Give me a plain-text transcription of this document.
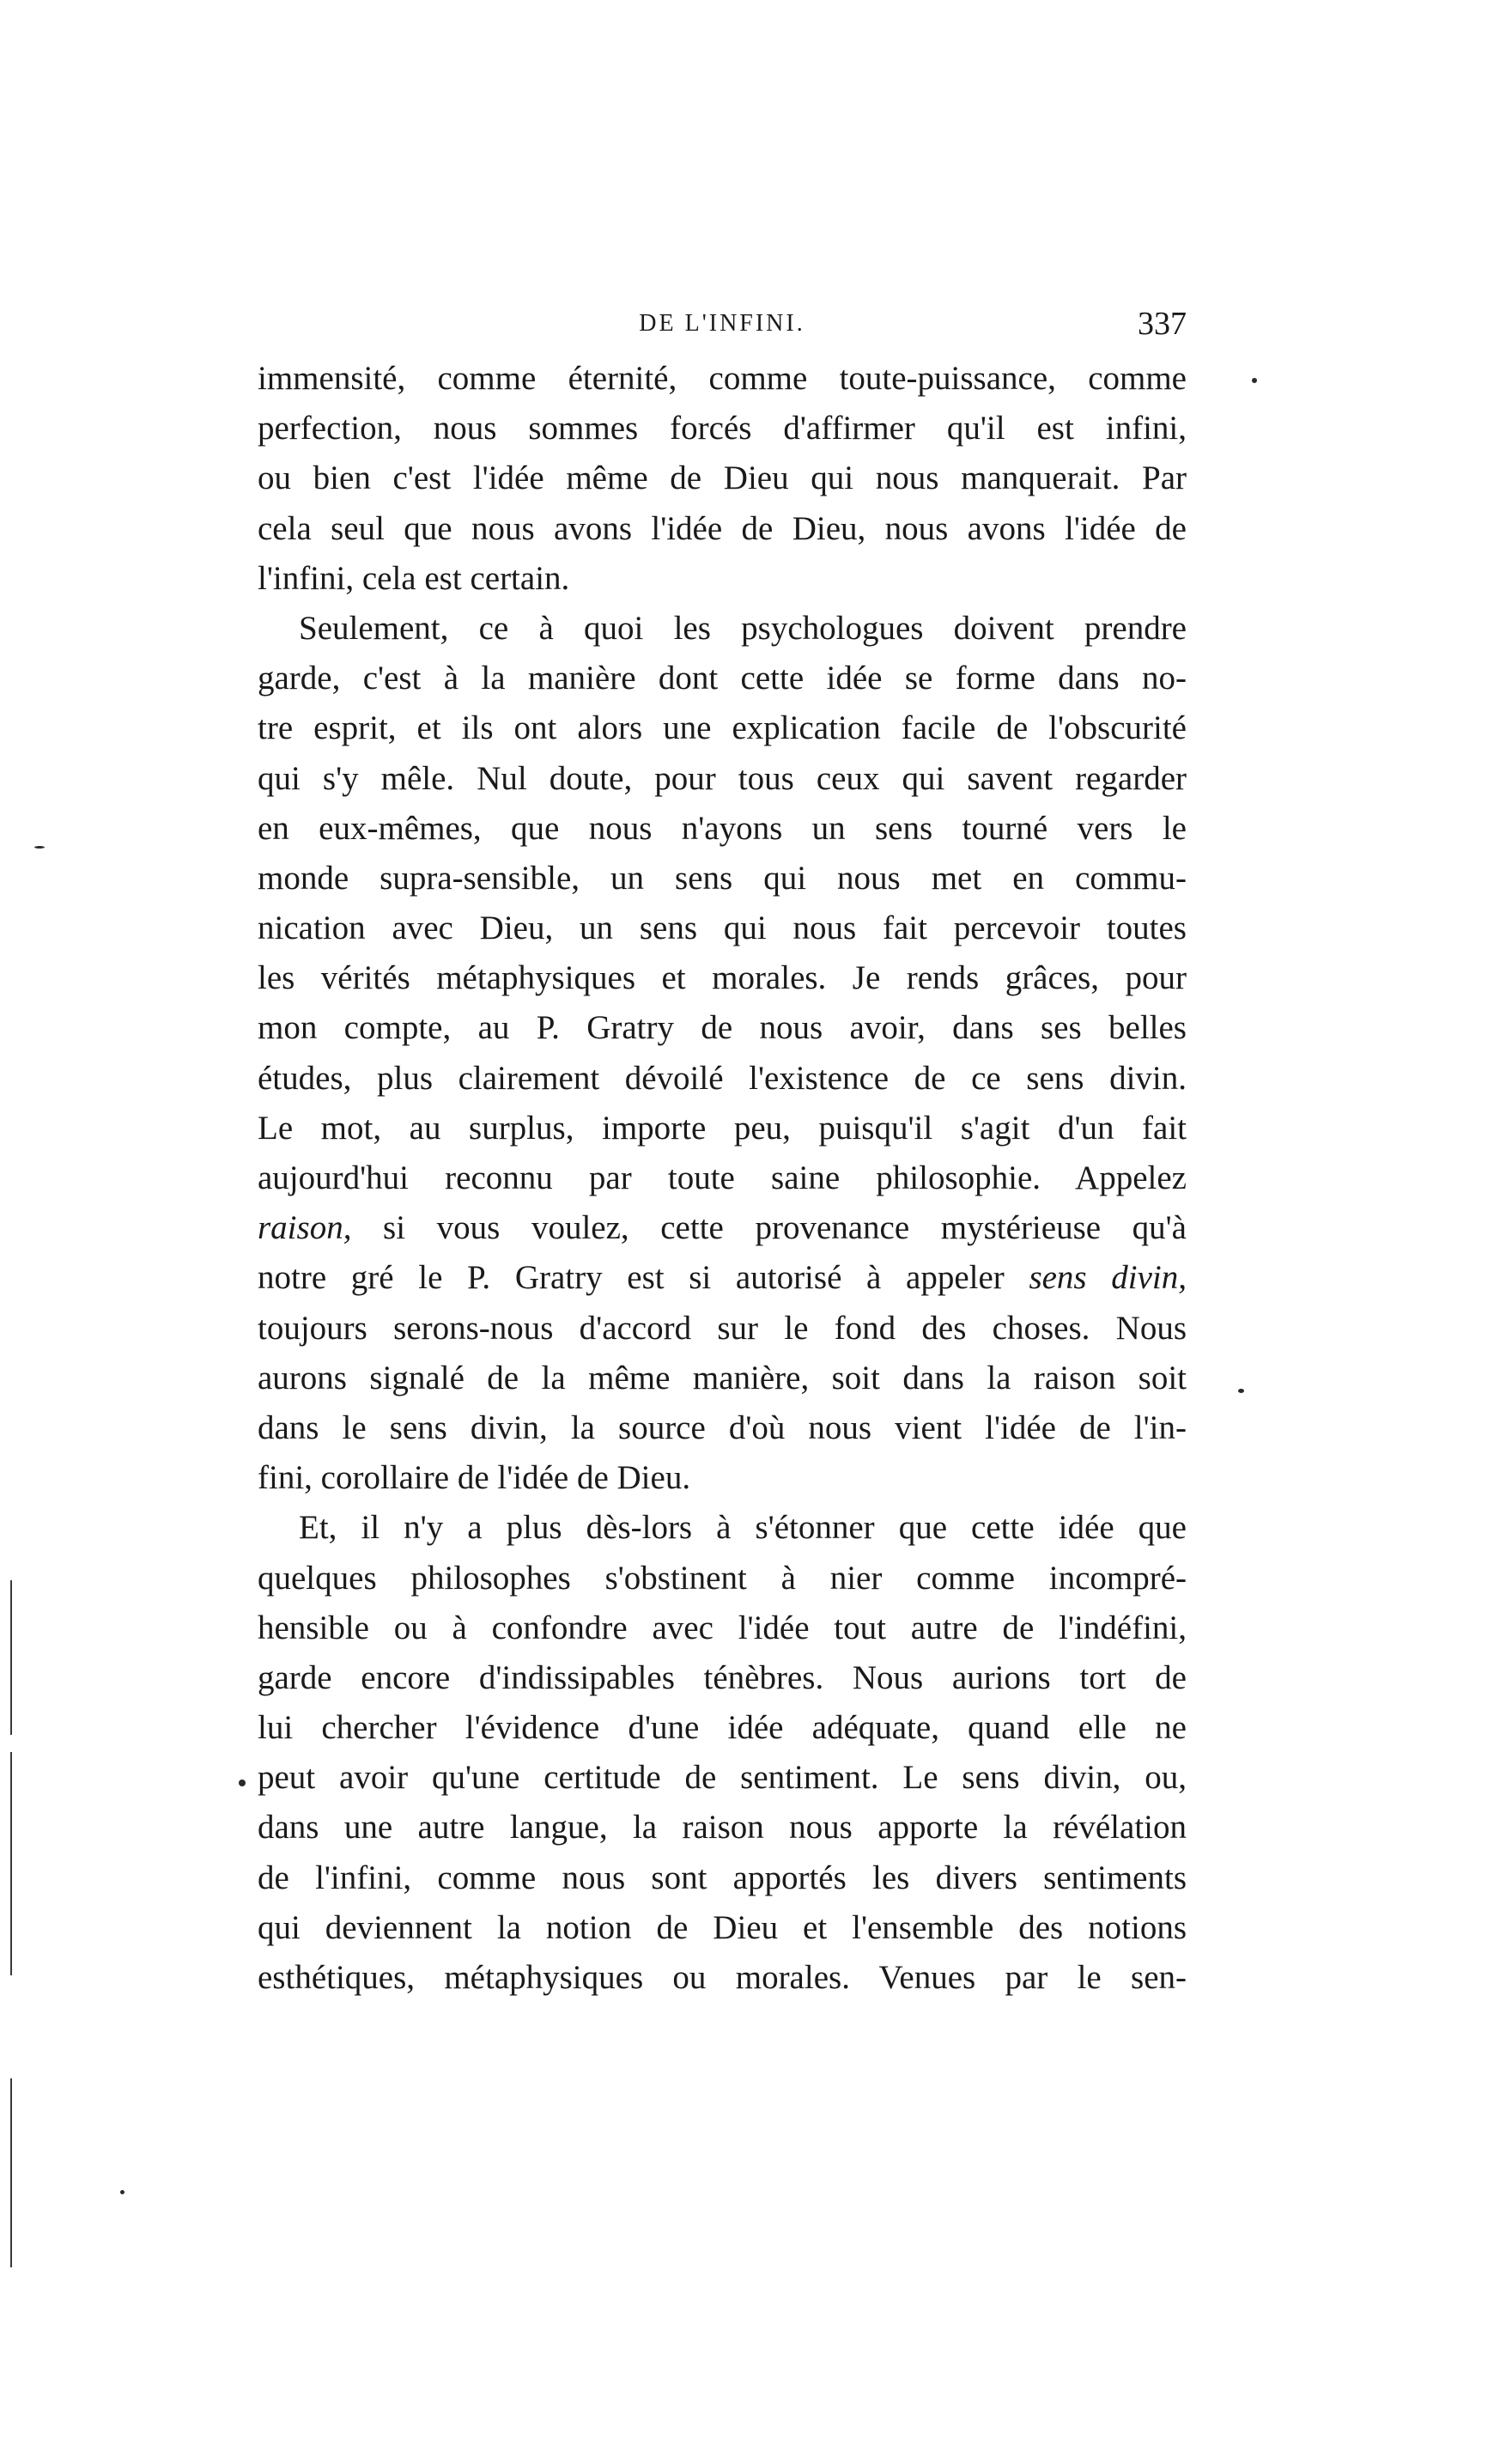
DE L'INFINI.	337
immensité, comme éternité, comme toute-puissance, comme
perfection, nous sommes forcés d'affirmer qu'il est infini,
ou bien c'est l'idée même de Dieu qui nous manquerait. Par
cela seul que nous avons l'idée de Dieu, nous avons l'idée de
l'infini, cela est certain.
Seulement, ce à quoi les psychologues doivent prendre
garde, c'est à la manière dont cette idée se forme dans no-
tre esprit, et ils ont alors une explication facile de l'obscurité
qui s'y mêle. Nul doute, pour tous ceux qui savent regarder
en eux-mêmes, que nous n'ayons un sens tourné vers le
monde supra-sensible, un sens qui nous met en commu-
nication avec Dieu, un sens qui nous fait percevoir toutes
les vérités métaphysiques et morales. Je rends grâces, pour
mon compte, au P. Gratry de nous avoir, dans ses belles
études, plus clairement dévoilé l'existence de ce sens divin.
Le mot, au surplus, importe peu, puisqu'il s'agit d'un fait
aujourd'hui reconnu par toute saine philosophie. Appelez
raison, si vous voulez, cette provenance mystérieuse qu'à
notre gré le P. Gratry est si autorisé à appeler sens divin,
toujours serons-nous d'accord sur le fond des choses. Nous
aurons signalé de la même manière, soit dans la raison soit
dans le sens divin, la source d'où nous vient l'idée de l'in-
fini, corollaire de l'idée de Dieu.
Et, il n'y a plus dès-lors à s'étonner que cette idée que
quelques philosophes s'obstinent à nier comme incompré-
hensible ou à confondre avec l'idée tout autre de l'indéfini,
garde encore d'indissipables ténèbres. Nous aurions tort de
lui chercher l'évidence d'une idée adéquate, quand elle ne
peut avoir qu'une certitude de sentiment. Le sens divin, ou,
dans une autre langue, la raison nous apporte la révélation
de l'infini, comme nous sont apportés les divers sentiments
qui deviennent la notion de Dieu et l'ensemble des notions
esthétiques, métaphysiques ou morales. Venues par le sen-
